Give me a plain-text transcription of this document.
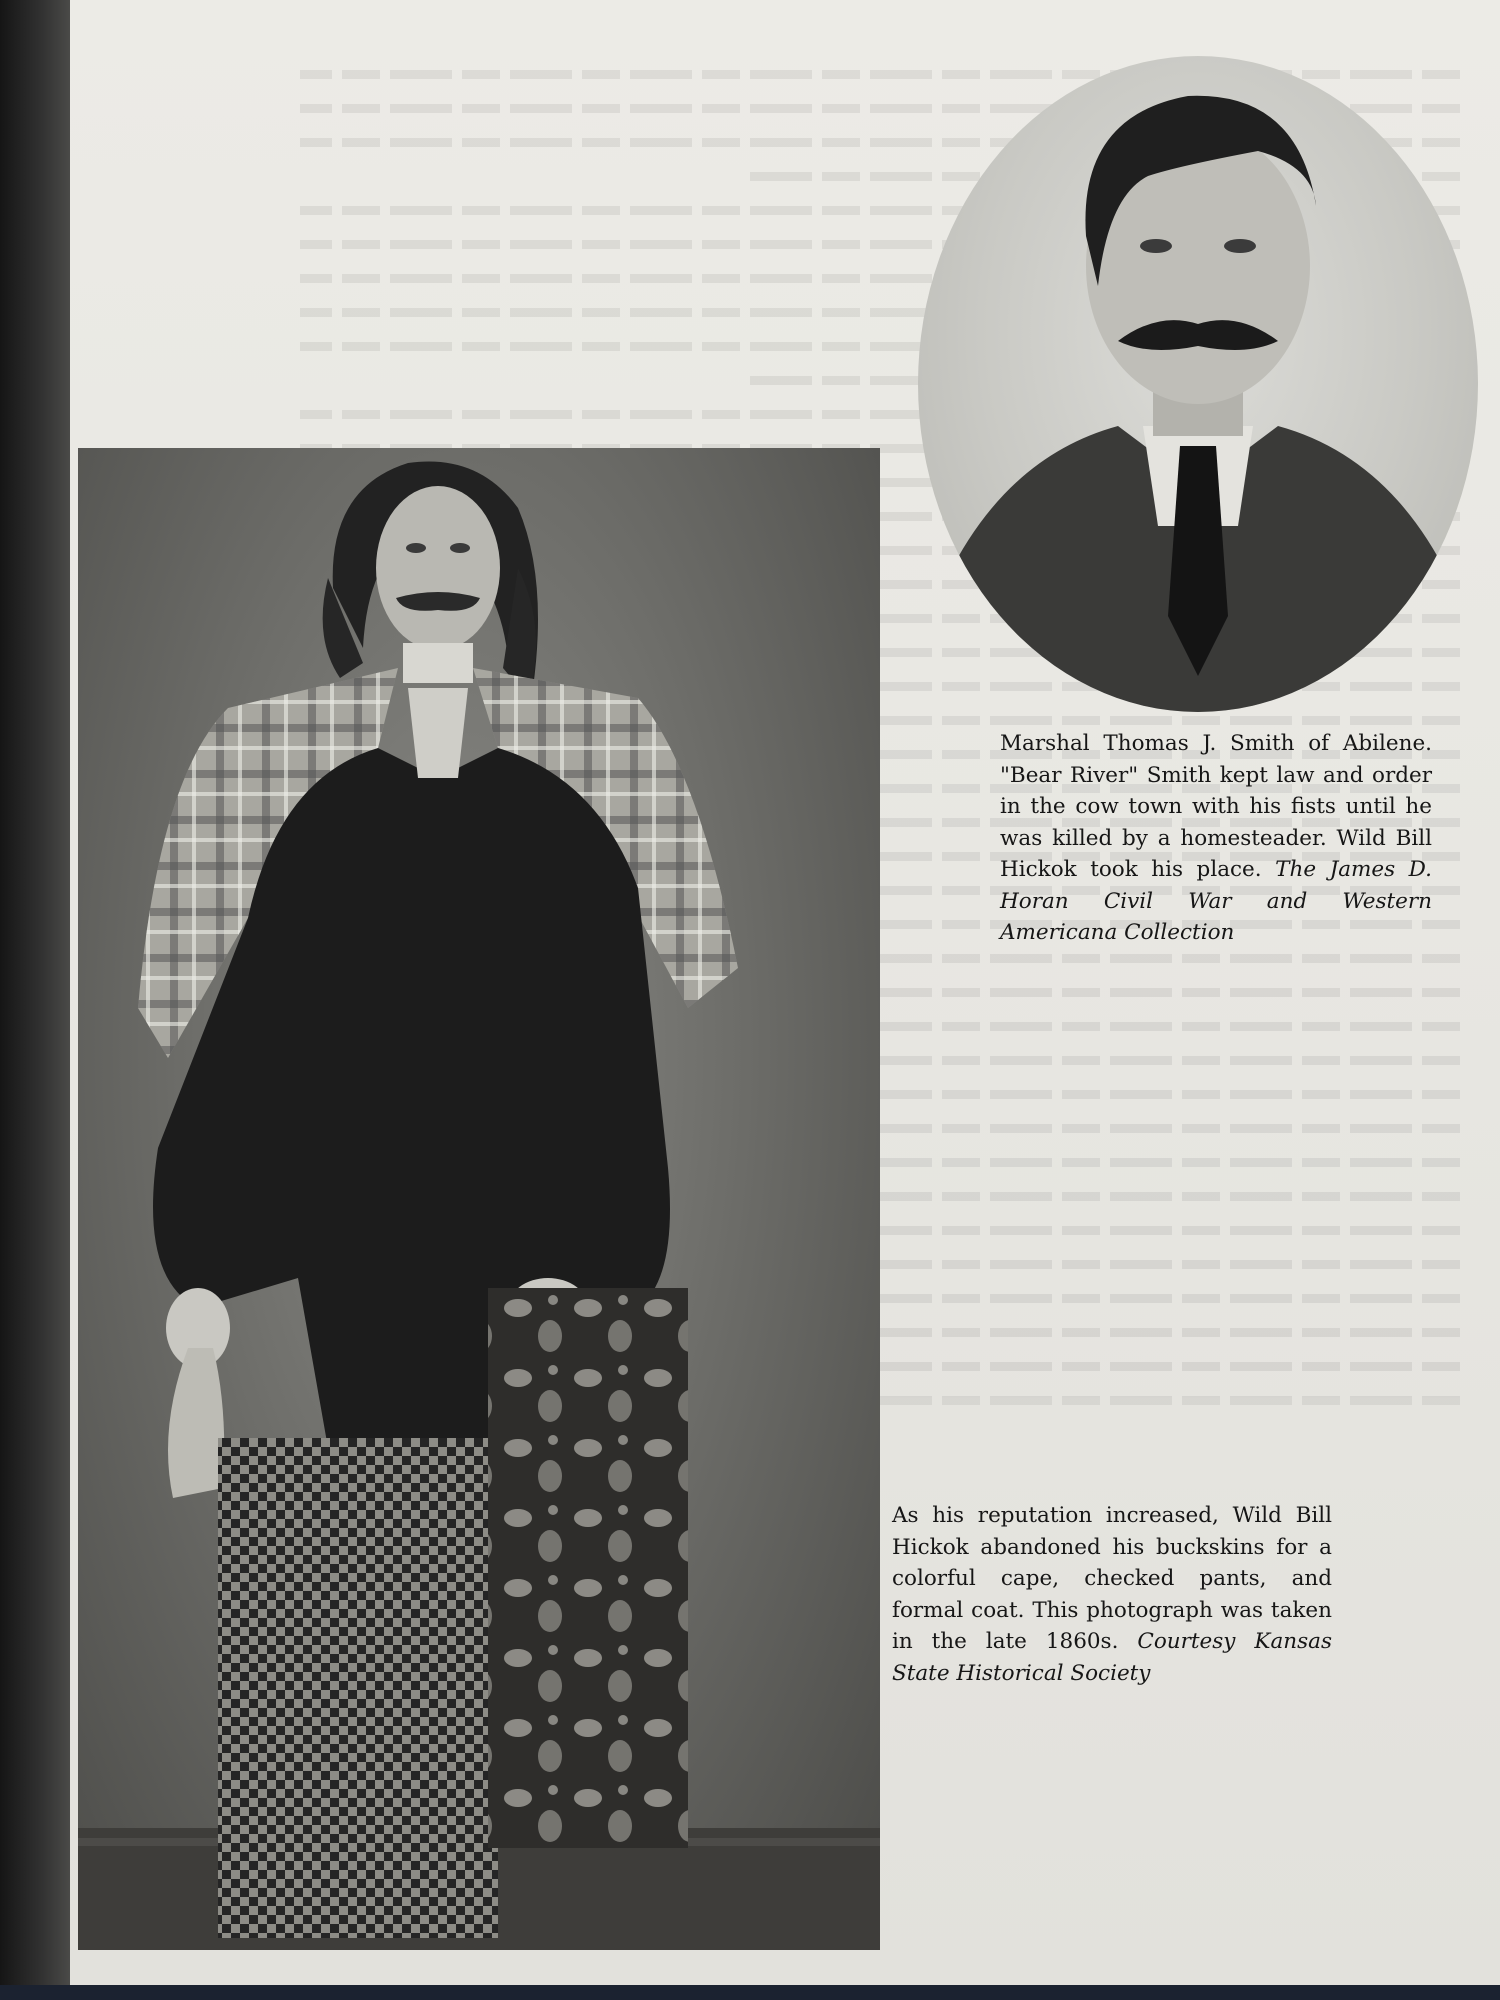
Marshal Thomas J. Smith of Abilene. "Bear River" Smith kept law and order in the cow town with his fists until he was killed by a homesteader. Wild Bill Hickok took his place. The James D. Horan Civil War and Western Americana Collection

As his reputation increased, Wild Bill Hickok abandoned his buckskins for a colorful cape, checked pants, and formal coat. This photograph was taken in the late 1860s. Courtesy Kansas State Historical Society
